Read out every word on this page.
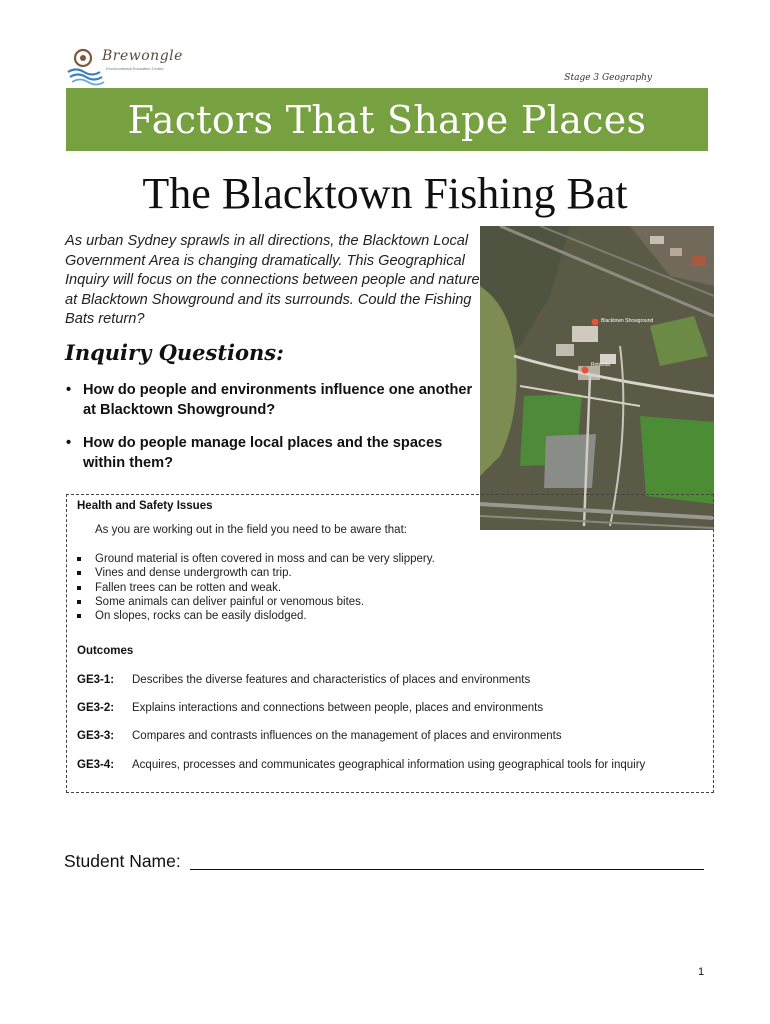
Brewongle
Environmental Education Centre
Stage 3 Geography
Factors That Shape Places
The Blacktown Fishing Bat

As urban Sydney sprawls in all directions, the Blacktown Local Government Area is changing dramatically. This Geographical Inquiry will focus on the connections between people and nature at Blacktown Showground and its surrounds. Could the Fishing Bats return?	Blacktown Showground
Rotunda
Inquiry Questions:
• How do people and environments influence one another at Blacktown Showground?
• How do people manage local places and the spaces within them?
Health and Safety Issues
As you are working out in the field you need to be aware that:
Ground material is often covered in moss and can be very slippery.
Vines and dense undergrowth can trip.
Fallen trees can be rotten and weak.
Some animals can deliver painful or venomous bites.
On slopes, rocks can be easily dislodged.
Outcomes
GE3-1: Describes the diverse features and characteristics of places and environments
GE3-2: Explains interactions and connections between people, places and environments
GE3-3: Compares and contrasts influences on the management of places and environments
GE3-4: Acquires, processes and communicates geographical information using geographical tools for inquiry
Student Name:
1
